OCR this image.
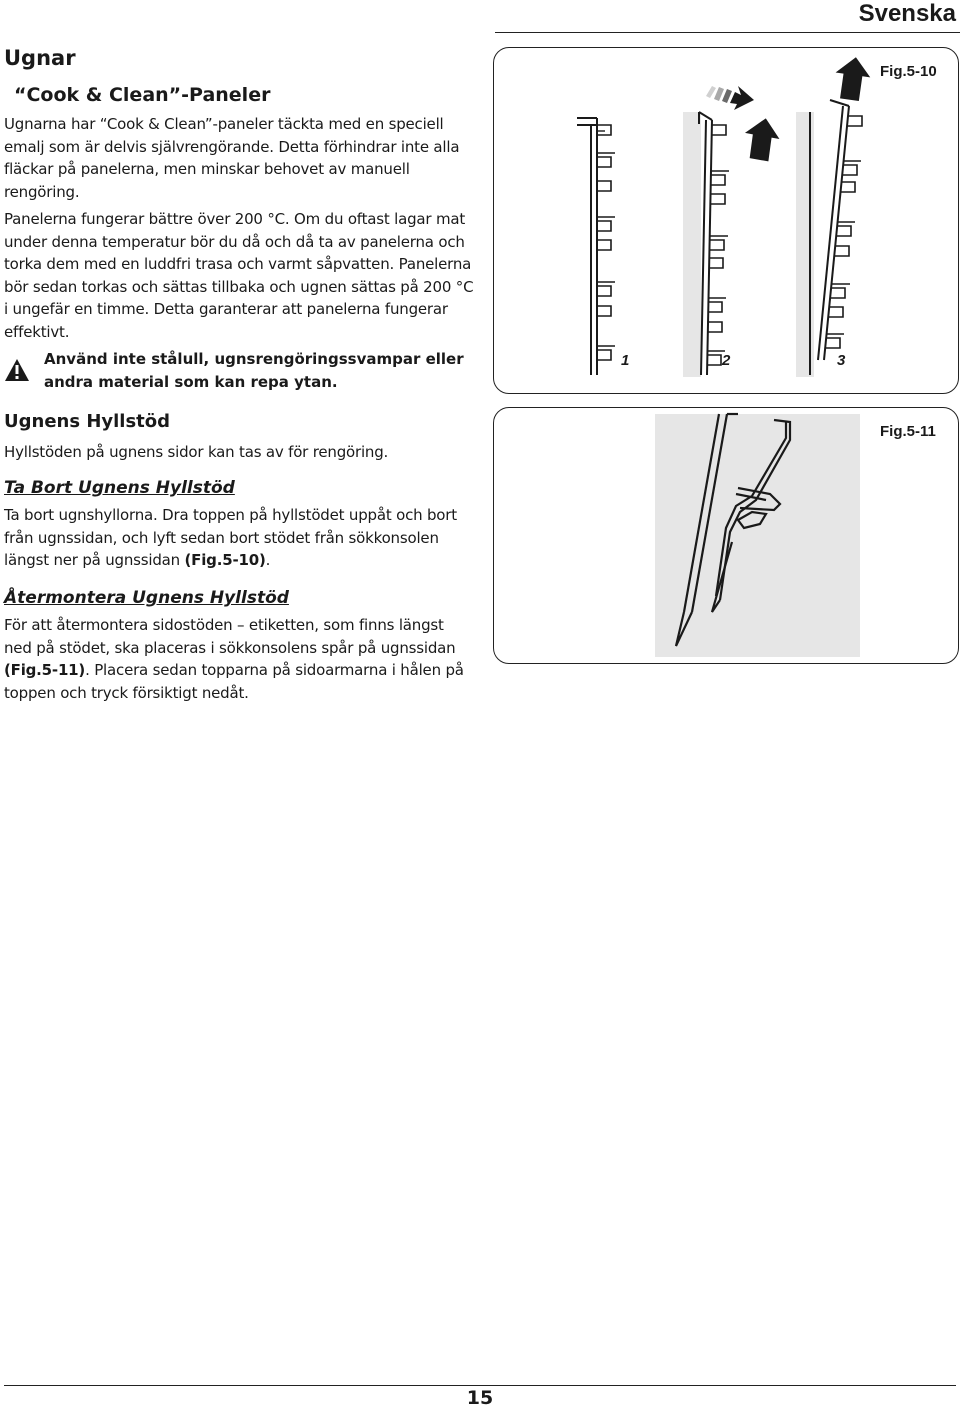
Svenska
Ugnar
“Cook & Clean”-Paneler

Ugnarna har “Cook & Clean”-paneler täckta med en speciell emalj som är delvis självrengörande. Detta förhindrar inte alla fläckar på panelerna, men minskar behovet av manuell rengöring.

Panelerna fungerar bättre över 200 °C. Om du oftast lagar mat under denna temperatur bör du då och då ta av panelerna och torka dem med en luddfri trasa och varmt såpvatten. Panelerna bör sedan torkas och sättas tillbaka och ugnen sättas på 200 °C i ungefär en timme. Detta garanterar att panelerna fungerar effektivt.

Använd inte stålull, ugnsrengöringssvampar eller andra material som kan repa ytan.
Ugnens Hyllstöd

Hyllstöden på ugnens sidor kan tas av för rengöring.

Ta Bort Ugnens Hyllstöd

Ta bort ugnshyllorna. Dra toppen på hyllstödet uppåt och bort från ugnssidan, och lyft sedan bort stödet från sökkonsolen längst ner på ugnssidan (Fig.5-10).

Återmontera Ugnens Hyllstöd

För att återmontera sidostöden – etiketten, som finns längst ned på stödet, ska placeras i sökkonsolens spår på ugnssidan (Fig.5-11). Placera sedan topparna på sidoarmarna i hålen på toppen och tryck försiktigt nedåt.

Fig.5-10
1	2	3
Fig.5-11
15
